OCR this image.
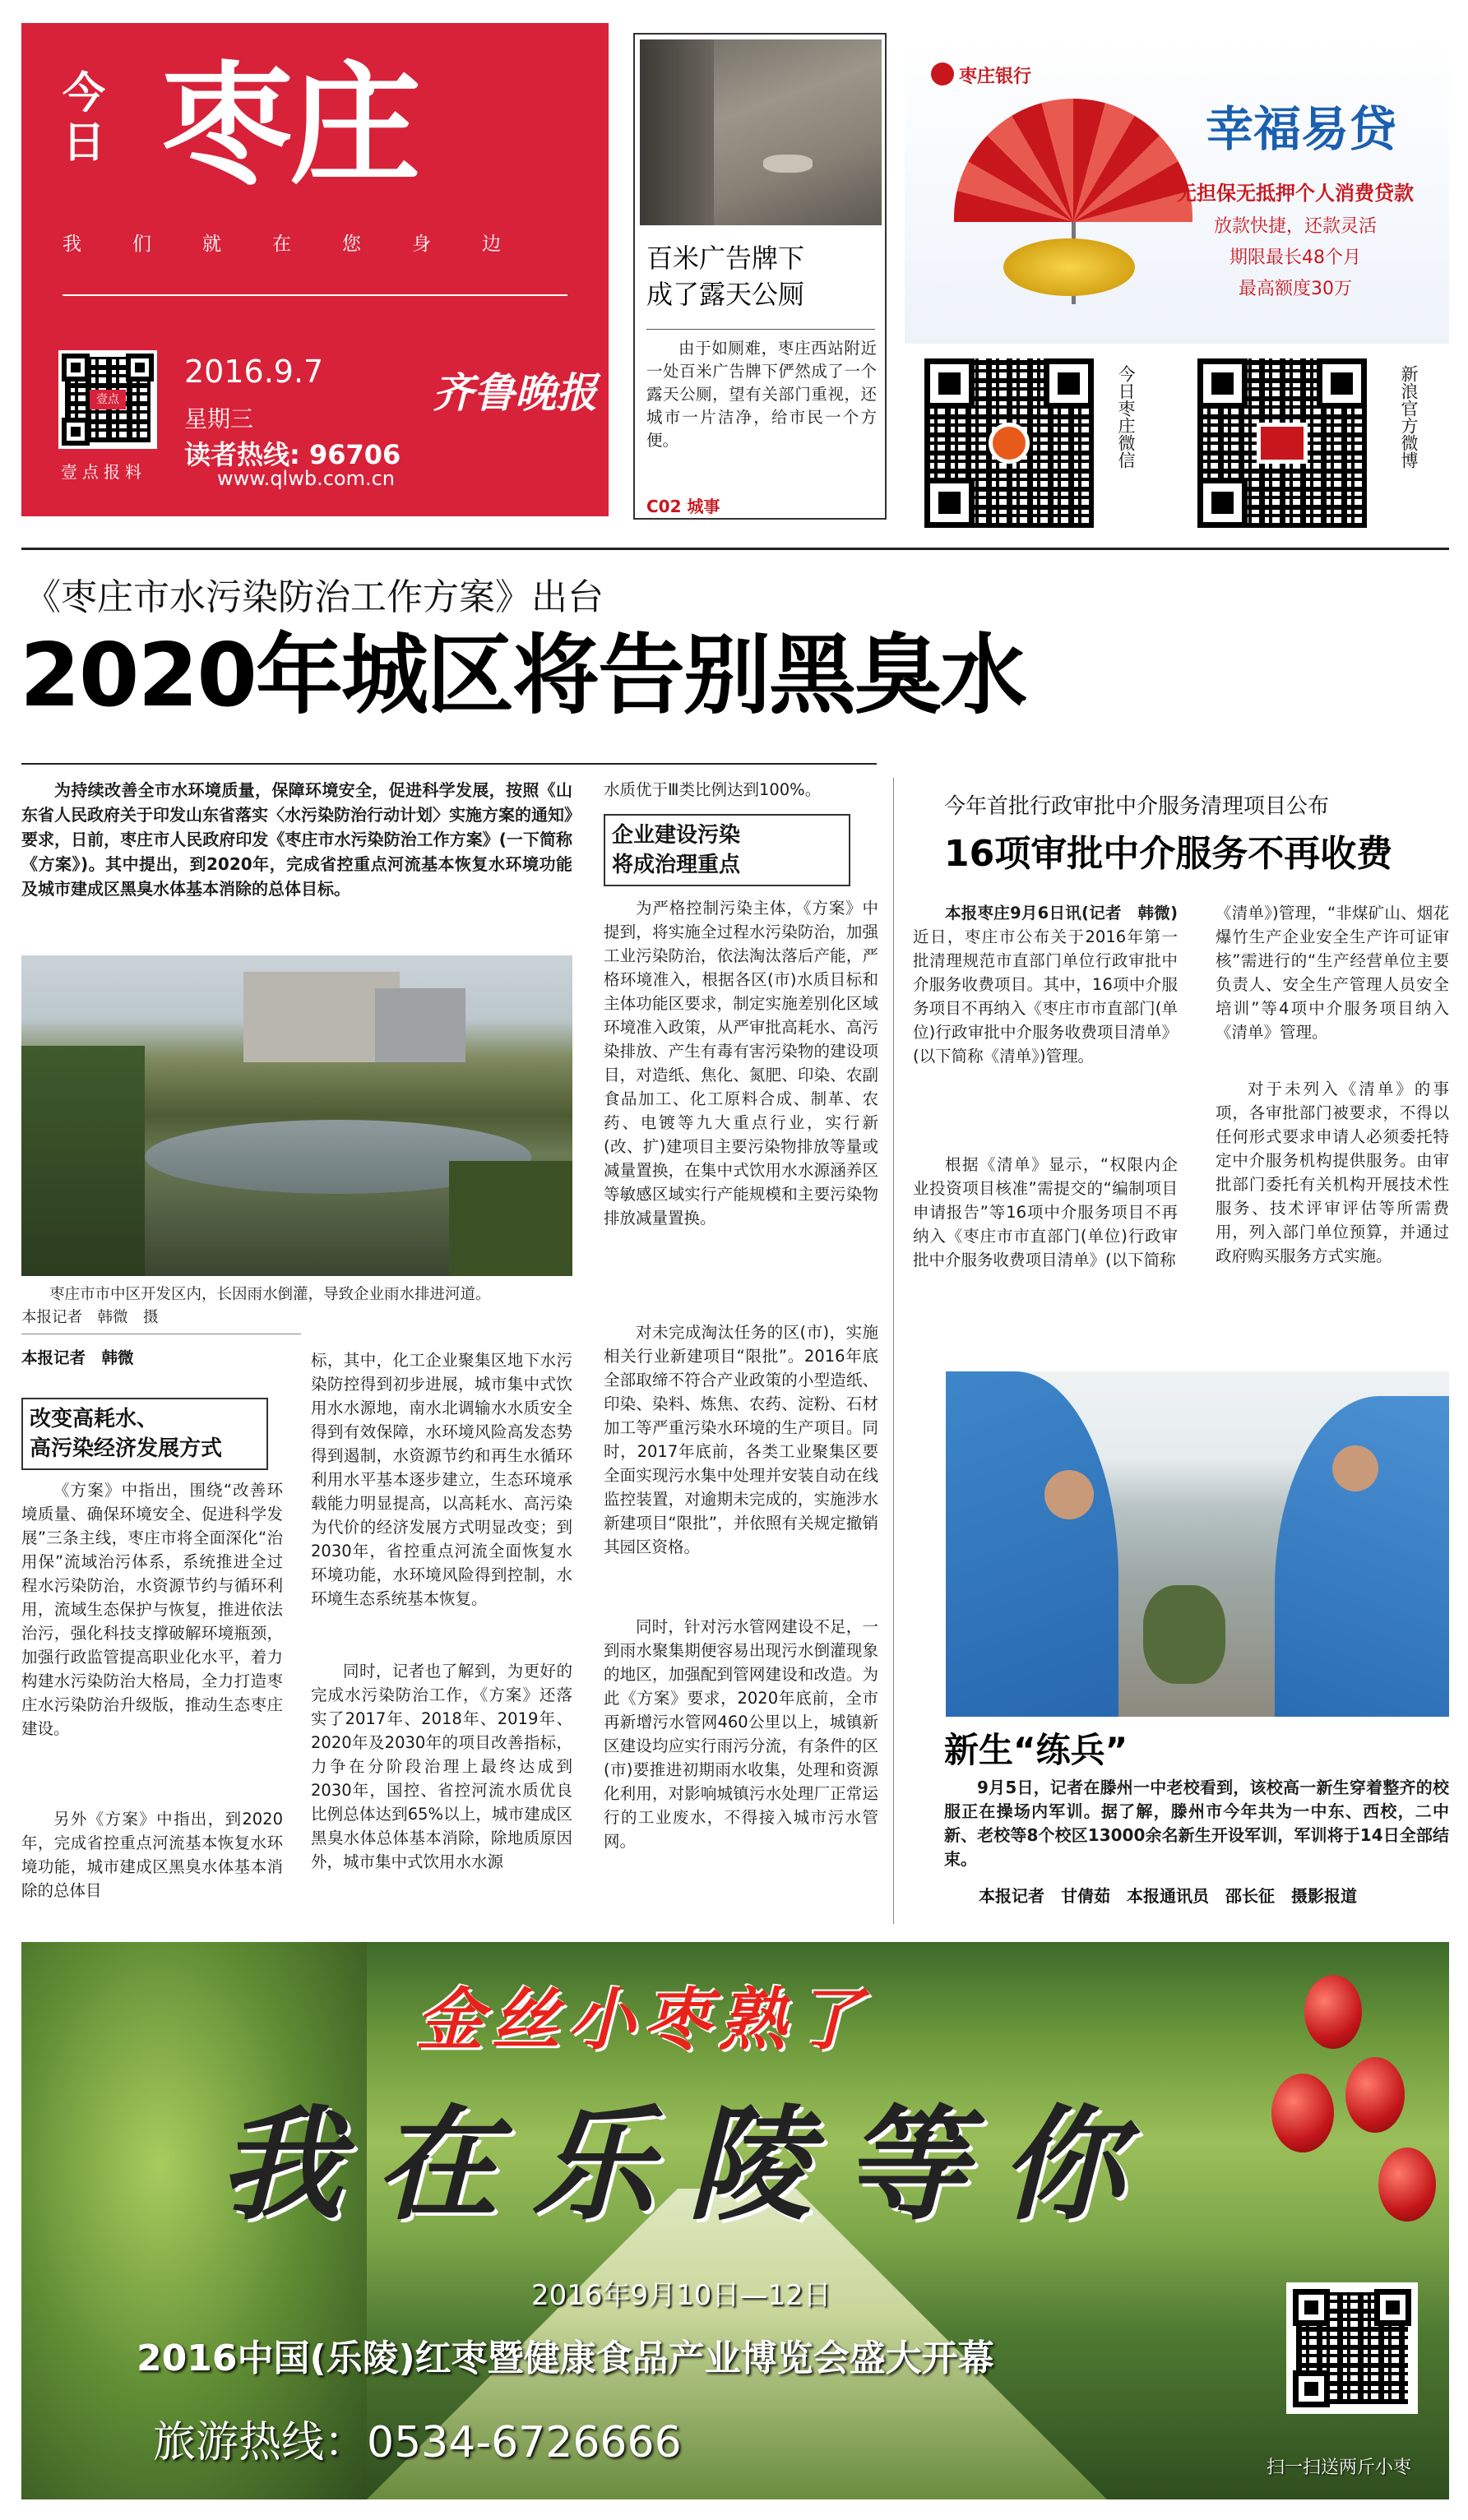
今
日 枣庄
我们就在您身边
壹点
壹点报料
2016.9.7
星期三
读者热线: 96706
www.qlwb.com.cn
齐鲁晚报
百米广告牌下
成了露天公厕
由于如厕难，枣庄西站附近一处百米广告牌下俨然成了一个露天公厕，望有关部门重视，还城市一片洁净，给市民一个方便。
C02 城事
枣庄银行
幸福易贷
无担保无抵押个人消费贷款
放款快捷，还款灵活
期限最长48个月
最高额度30万
今日枣庄微信	新浪官方微博
《枣庄市水污染防治工作方案》出台
2020年城区将告别黑臭水
为持续改善全市水环境质量，保障环境安全，促进科学发展，按照《山东省人民政府关于印发山东省落实〈水污染防治行动计划〉实施方案的通知》要求，日前，枣庄市人民政府印发《枣庄市水污染防治工作方案》(一下简称《方案》)。其中提出，到2020年，完成省控重点河流基本恢复水环境功能及城市建成区黑臭水体基本消除的总体目标。
枣庄市市中区开发区内，长因雨水倒灌，导致企业雨水排进河道。
本报记者　韩微　摄
本报记者　韩微
改变高耗水、
高污染经济发展方式
《方案》中指出，围绕“改善环境质量、确保环境安全、促进科学发展”三条主线，枣庄市将全面深化“治用保”流域治污体系，系统推进全过程水污染防治，水资源节约与循环利用，流域生态保护与恢复，推进依法治污，强化科技支撑破解环境瓶颈，加强行政监管提高职业化水平，着力构建水污染防治大格局，全力打造枣庄水污染防治升级版，推动生态枣庄建设。
另外《方案》中指出，到2020年，完成省控重点河流基本恢复水环境功能，城市建成区黑臭水体基本消除的总体目
标，其中，化工企业聚集区地下水污染防控得到初步进展，城市集中式饮用水水源地，南水北调输水水质安全得到有效保障，水环境风险高发态势得到遏制，水资源节约和再生水循环利用水平基本逐步建立，生态环境承载能力明显提高，以高耗水、高污染为代价的经济发展方式明显改变；到2030年，省控重点河流全面恢复水环境功能，水环境风险得到控制，水环境生态系统基本恢复。
同时，记者也了解到，为更好的完成水污染防治工作，《方案》还落实了2017年、2018年、2019年、2020年及2030年的项目改善指标，力争在分阶段治理上最终达成到2030年，国控、省控河流水质优良比例总体达到65%以上，城市建成区黑臭水体总体基本消除，除地质原因外，城市集中式饮用水水源
水质优于Ⅲ类比例达到100%。
企业建设污染
将成治理重点
为严格控制污染主体，《方案》中提到，将实施全过程水污染防治，加强工业污染防治，依法淘汰落后产能，严格环境准入，根据各区(市)水质目标和主体功能区要求，制定实施差别化区域环境准入政策，从严审批高耗水、高污染排放、产生有毒有害污染物的建设项目，对造纸、焦化、氮肥、印染、农副食品加工、化工原料合成、制革、农药、电镀等九大重点行业，实行新(改、扩)建项目主要污染物排放等量或减量置换，在集中式饮用水水源涵养区等敏感区域实行产能规模和主要污染物排放减量置换。
对未完成淘汰任务的区(市)，实施相关行业新建项目“限批”。2016年底全部取缔不符合产业政策的小型造纸、印染、染料、炼焦、农药、淀粉、石材加工等严重污染水环境的生产项目。同时，2017年底前，各类工业聚集区要全面实现污水集中处理并安装自动在线监控装置，对逾期未完成的，实施涉水新建项目“限批”，并依照有关规定撤销其园区资格。
同时，针对污水管网建设不足，一到雨水聚集期便容易出现污水倒灌现象的地区，加强配到管网建设和改造。为此《方案》要求，2020年底前，全市再新增污水管网460公里以上，城镇新区建设均应实行雨污分流，有条件的区(市)要推进初期雨水收集，处理和资源化利用，对影响城镇污水处理厂正常运行的工业废水，不得接入城市污水管网。
今年首批行政审批中介服务清理项目公布
16项审批中介服务不再收费
本报枣庄9月6日讯(记者　韩微)近日，枣庄市公布关于2016年第一批清理规范市直部门单位行政审批中介服务收费项目。其中，16项中介服务项目不再纳入《枣庄市市直部门(单位)行政审批中介服务收费项目清单》(以下简称《清单》)管理。
根据《清单》显示，“权限内企业投资项目核准”需提交的“编制项目申请报告”等16项中介服务项目不再纳入《枣庄市市直部门(单位)行政审批中介服务收费项目清单》(以下简称
《清单》)管理，“非煤矿山、烟花爆竹生产企业安全生产许可证审核”需进行的“生产经营单位主要负责人、安全生产管理人员安全培训”等4项中介服务项目纳入《清单》管理。
对于未列入《清单》的事项，各审批部门被要求，不得以任何形式要求申请人必须委托特定中介服务机构提供服务。由审批部门委托有关机构开展技术性服务、技术评审评估等所需费用，列入部门单位预算，并通过政府购买服务方式实施。
新生“练兵”
9月5日，记者在滕州一中老校看到，该校高一新生穿着整齐的校服正在操场内军训。据了解，滕州市今年共为一中东、西校，二中新、老校等8个校区13000余名新生开设军训，军训将于14日全部结束。
本报记者　甘倩茹　本报通讯员　邵长征　摄影报道
金丝小枣熟了
我在乐陵等你
2016年9月10日—12日
2016中国(乐陵)红枣暨健康食品产业博览会盛大开幕
旅游热线：0534-6726666
扫一扫送两斤小枣
